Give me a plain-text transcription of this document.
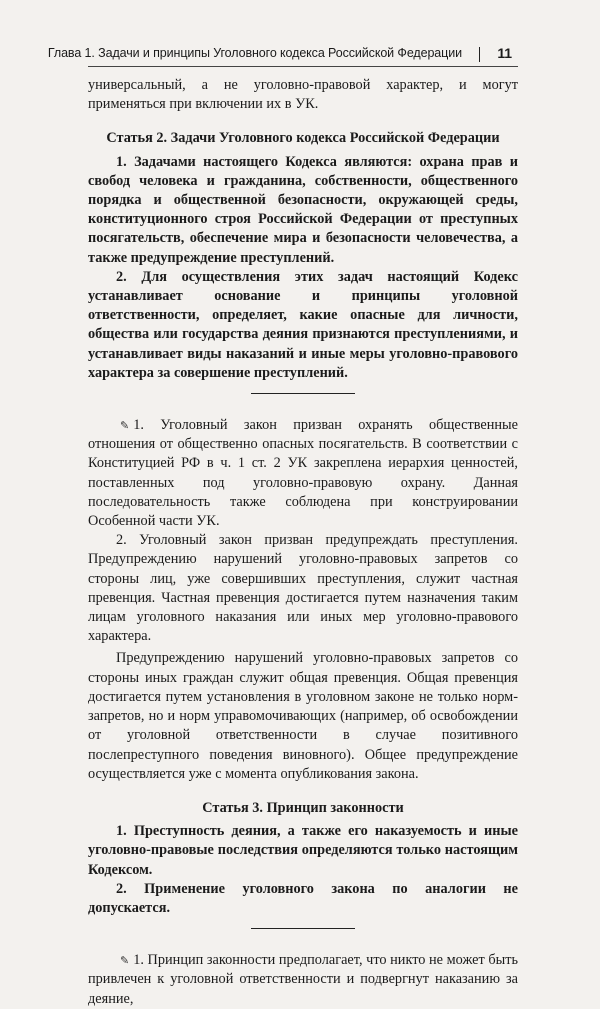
Глава 1. Задачи и принципы Уголовного кодекса Российской Федерации	11

универсальный, а не уголовно-правовой характер, и могут применяться при включении их в УК.

Статья 2. Задачи Уголовного кодекса Российской Федерации

1. Задачами настоящего Кодекса являются: охрана прав и свобод человека и гражданина, собственности, общественного порядка и общественной безопасности, окружающей среды, конституционного строя Российской Федерации от преступных посягательств, обеспечение мира и безопасности человечества, а также предупреждение преступлений.

2. Для осуществления этих задач настоящий Кодекс устанавливает основание и принципы уголовной ответственности, определяет, какие опасные для личности, общества или государства деяния признаются преступлениями, и устанавливает виды наказаний и иные меры уголовно-правового характера за совершение преступлений.

✎ 1. Уголовный закон призван охранять общественные отношения от общественно опасных посягательств. В соответствии с Конституцией РФ в ч. 1 ст. 2 УК закреплена иерархия ценностей, поставленных под уголовно-правовую охрану. Данная последовательность также соблюдена при конструировании Особенной части УК.

2. Уголовный закон призван предупреждать преступления. Предупреждению нарушений уголовно-правовых запретов со стороны лиц, уже совершивших преступления, служит частная превенция. Частная превенция достигается путем назначения таким лицам уголовного наказания или иных мер уголовно-правового характера.

Предупреждению нарушений уголовно-правовых запретов со стороны иных граждан служит общая превенция. Общая превенция достигается путем установления в уголовном законе не только норм-запретов, но и норм управомочивающих (например, об освобождении от уголовной ответственности в случае позитивного послепреступного поведения виновного). Общее предупреждение осуществляется уже с момента опубликования закона.

Статья 3. Принцип законности

1. Преступность деяния, а также его наказуемость и иные уголовно-правовые последствия определяются только настоящим Кодексом.

2. Применение уголовного закона по аналогии не допускается.

✎ 1. Принцип законности предполагает, что никто не может быть привлечен к уголовной ответственности и подвергнут наказанию за деяние,
